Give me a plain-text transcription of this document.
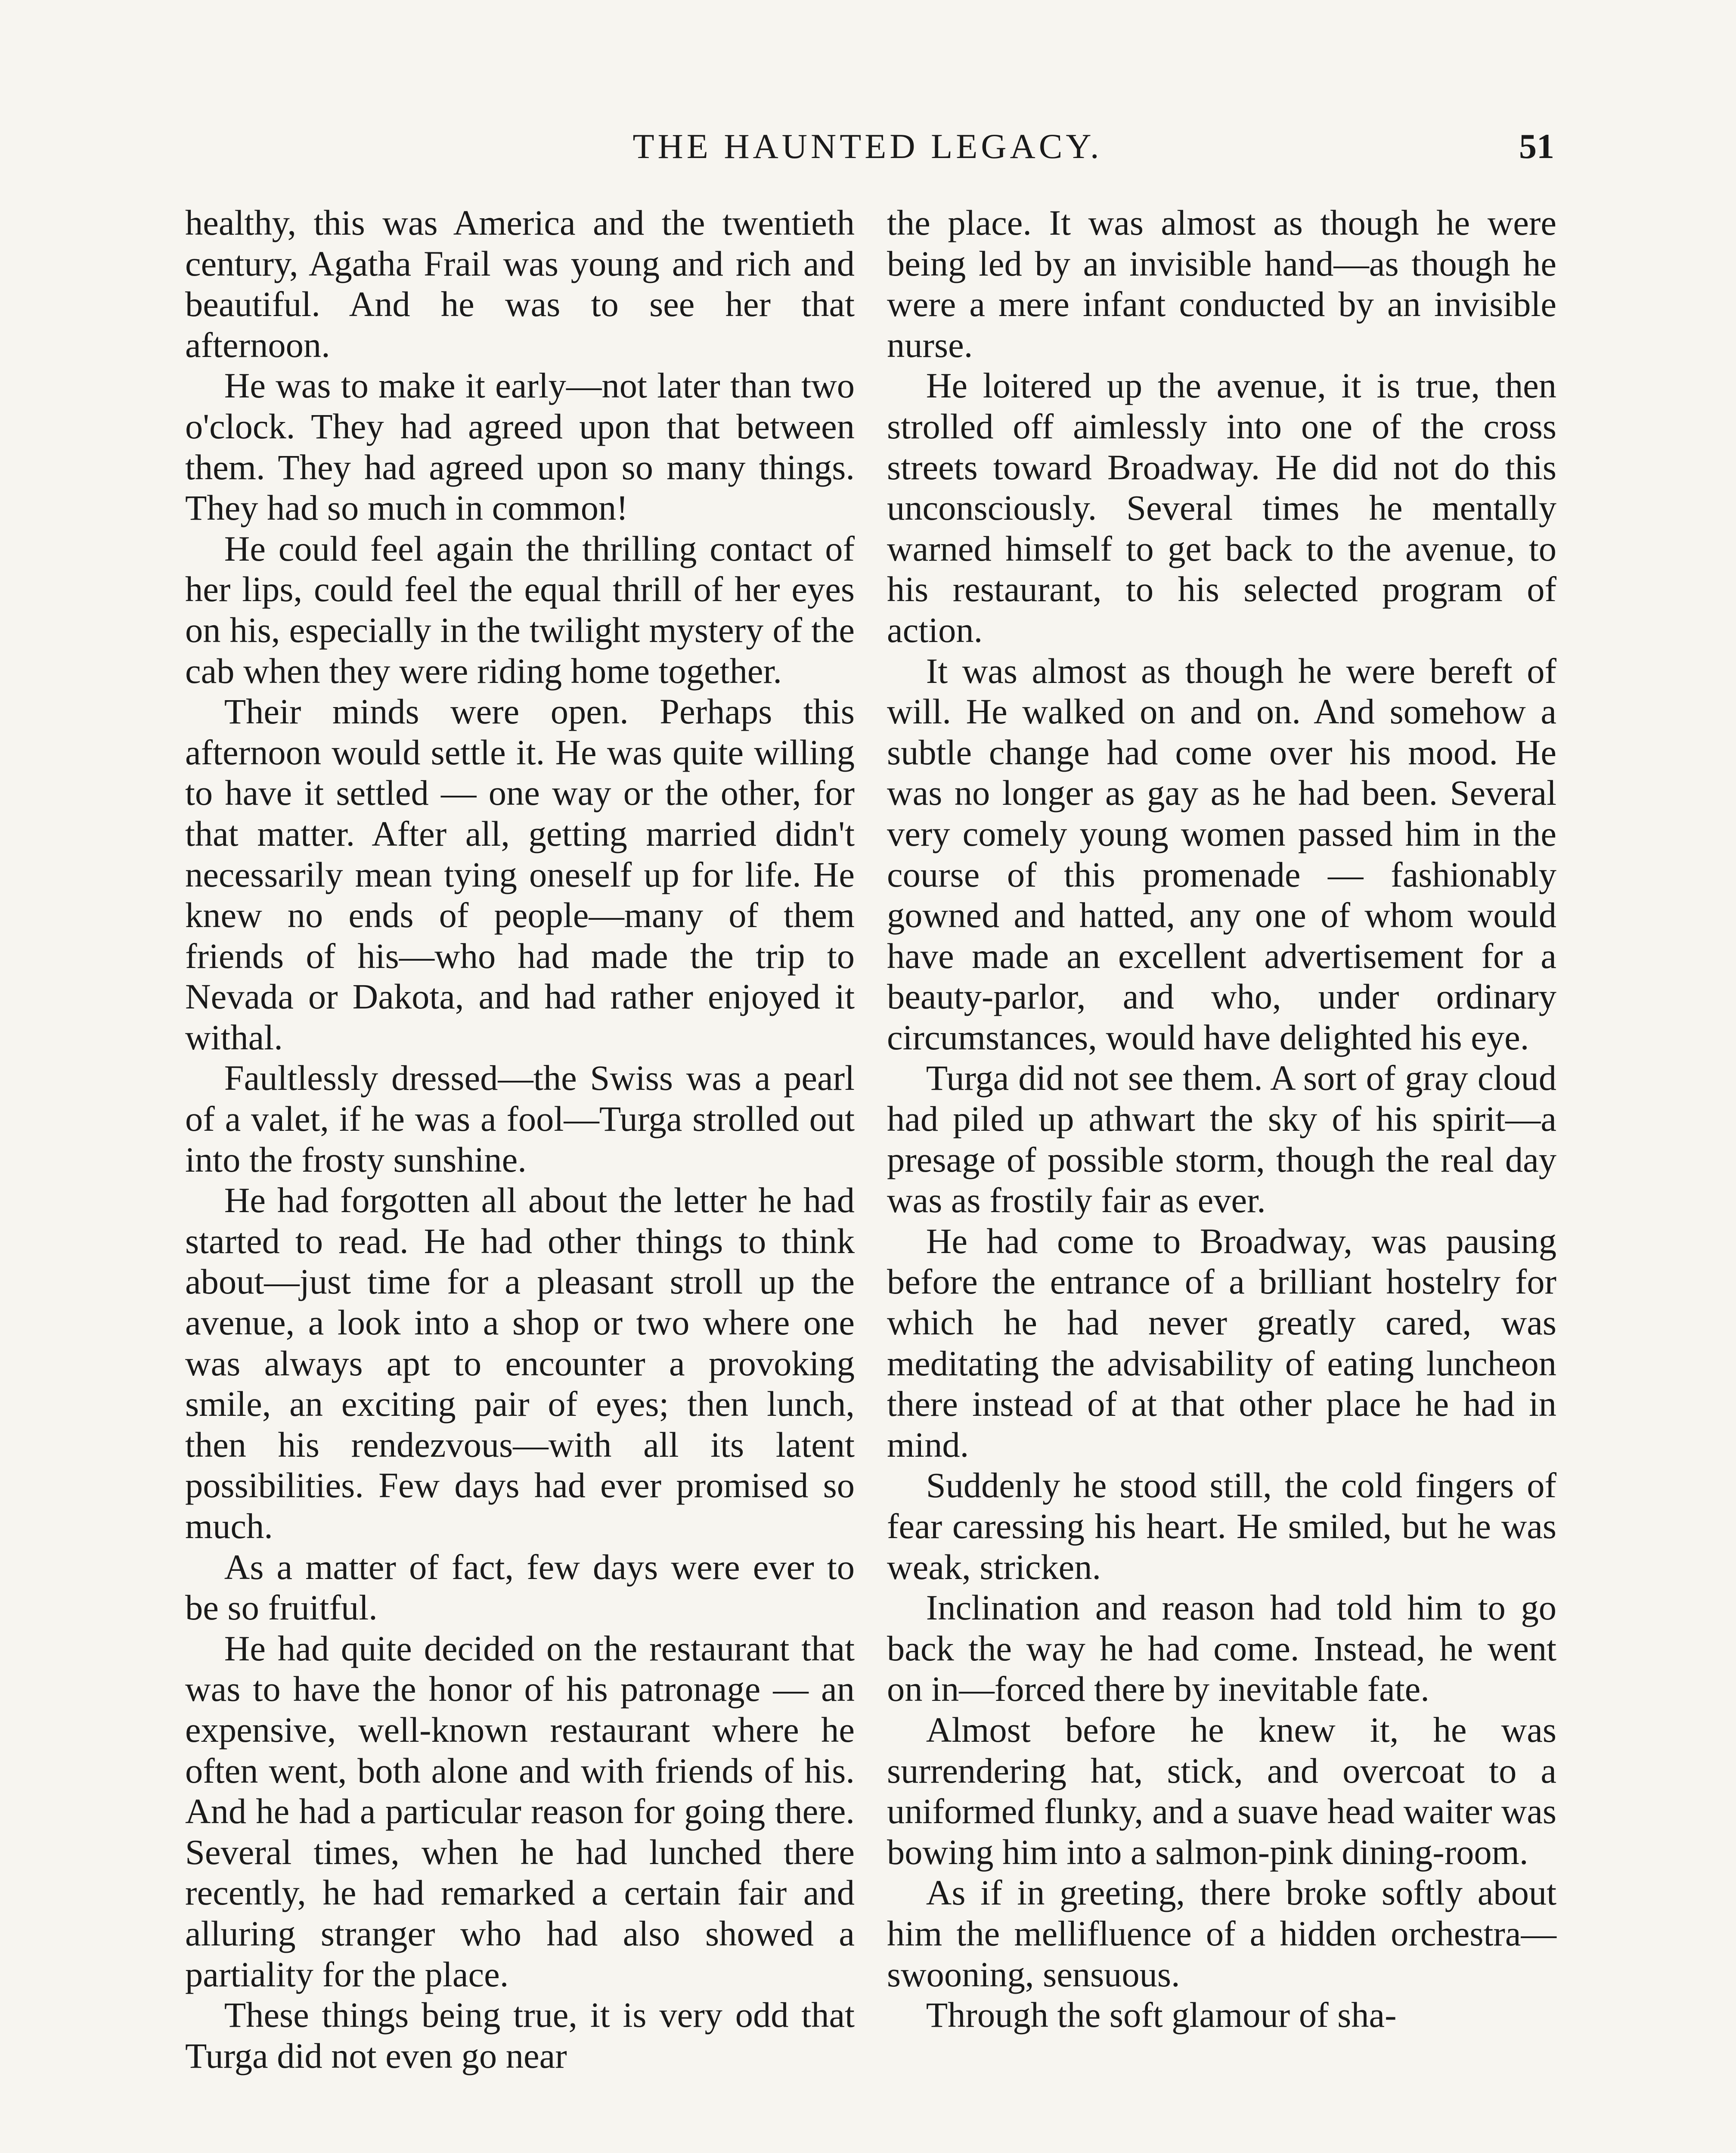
THE HAUNTED LEGACY.	51

healthy, this was America and the twentieth century, Agatha Frail was young and rich and beautiful. And he was to see her that afternoon.

He was to make it early—not later than two o'clock. They had agreed upon that between them. They had agreed upon so many things. They had so much in common!

He could feel again the thrilling contact of her lips, could feel the equal thrill of her eyes on his, especially in the twilight mystery of the cab when they were riding home together.

Their minds were open. Perhaps this afternoon would settle it. He was quite willing to have it settled — one way or the other, for that matter. After all, getting married didn't necessarily mean tying oneself up for life. He knew no ends of people—many of them friends of his—who had made the trip to Nevada or Dakota, and had rather enjoyed it withal.

Faultlessly dressed—the Swiss was a pearl of a valet, if he was a fool—Turga strolled out into the frosty sunshine.

He had forgotten all about the letter he had started to read. He had other things to think about—just time for a pleasant stroll up the avenue, a look into a shop or two where one was always apt to encounter a provoking smile, an exciting pair of eyes; then lunch, then his rendezvous—with all its latent possibilities. Few days had ever promised so much.

As a matter of fact, few days were ever to be so fruitful.

He had quite decided on the restaurant that was to have the honor of his patronage — an expensive, well-known restaurant where he often went, both alone and with friends of his. And he had a particular reason for going there. Several times, when he had lunched there recently, he had remarked a certain fair and alluring stranger who had also showed a partiality for the place.

These things being true, it is very odd that Turga did not even go near

the place. It was almost as though he were being led by an invisible hand—as though he were a mere infant conducted by an invisible nurse.

He loitered up the avenue, it is true, then strolled off aimlessly into one of the cross streets toward Broadway. He did not do this unconsciously. Several times he mentally warned himself to get back to the avenue, to his restaurant, to his selected program of action.

It was almost as though he were bereft of will. He walked on and on. And somehow a subtle change had come over his mood. He was no longer as gay as he had been. Several very comely young women passed him in the course of this promenade — fashionably gowned and hatted, any one of whom would have made an excellent advertisement for a beauty-parlor, and who, under ordinary circumstances, would have delighted his eye.

Turga did not see them. A sort of gray cloud had piled up athwart the sky of his spirit—a presage of possible storm, though the real day was as frostily fair as ever.

He had come to Broadway, was pausing before the entrance of a brilliant hostelry for which he had never greatly cared, was meditating the advisability of eating luncheon there instead of at that other place he had in mind.

Suddenly he stood still, the cold fingers of fear caressing his heart. He smiled, but he was weak, stricken.

Inclination and reason had told him to go back the way he had come. Instead, he went on in—forced there by inevitable fate.

Almost before he knew it, he was surrendering hat, stick, and overcoat to a uniformed flunky, and a suave head waiter was bowing him into a salmon-pink dining-room.

As if in greeting, there broke softly about him the mellifluence of a hidden orchestra—swooning, sensuous.

Through the soft glamour of sha-
